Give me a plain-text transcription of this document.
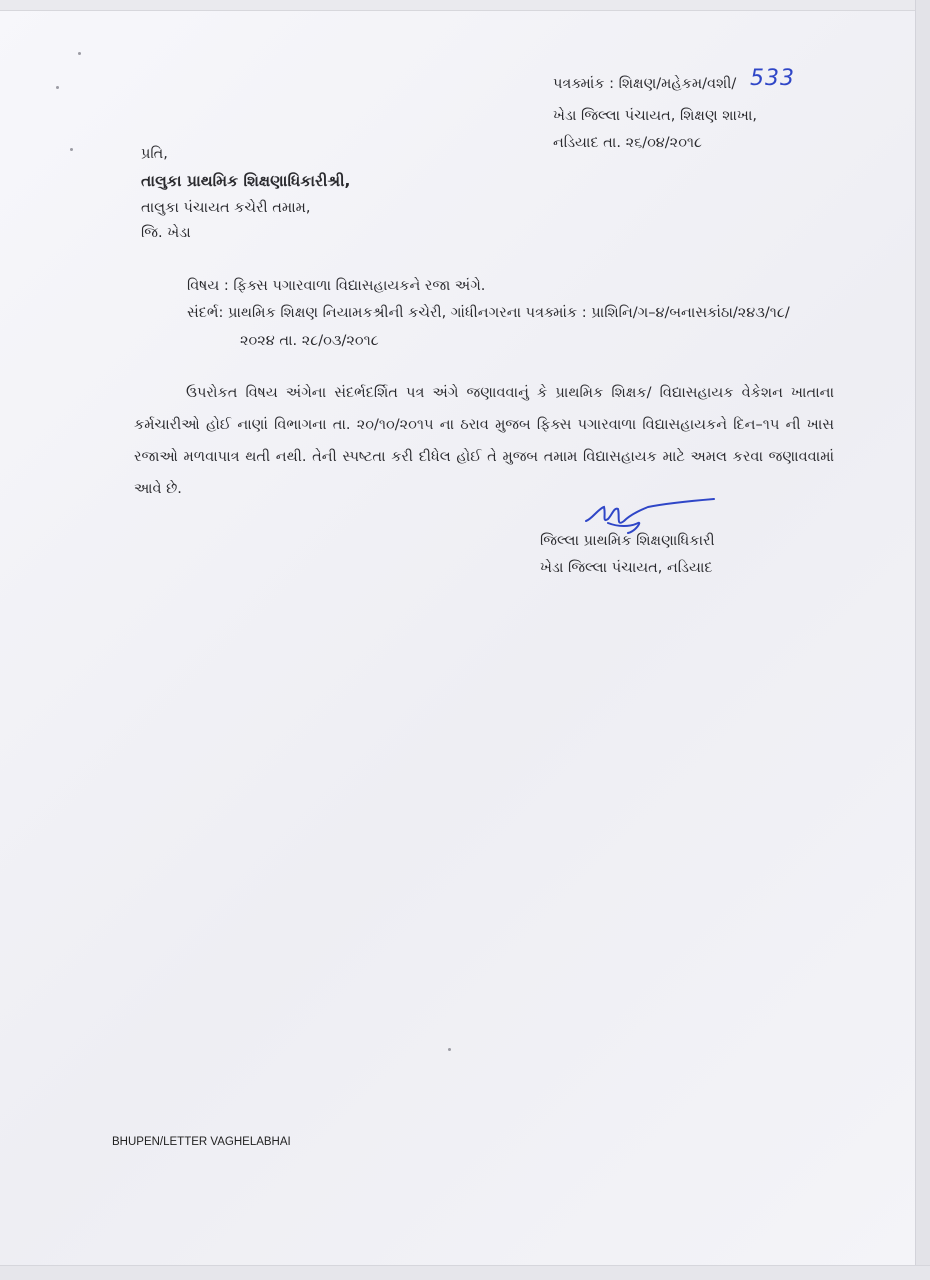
પત્રક્માંક : શિક્ષણ/મહેકમ/વશી/ 533
ખેડા જિલ્લા પંચાયત, શિક્ષણ શાખા,
નડિયાદ તા. ૨૬/૦૪/૨૦૧૮
પ્રતિ,
તાલુકા પ્રાથમિક શિક્ષણાધિકારીશ્રી,
તાલુકા પંચાયત કચેરી તમામ,
જિ. ખેડા
વિષય : ફિક્સ પગારવાળા વિદ્યાસહાયકને રજા અંગે.
સંદર્ભ: પ્રાથમિક શિક્ષણ નિયામકશ્રીની કચેરી, ગાંધીનગરના પત્રક્માંક : પ્રાશિનિ/ગ–૪/બનાસકાંઠા/૨૪૩/૧૮/
૨૦૨૪ તા. ૨૮/૦૩/૨૦૧૮
ઉપરોકત વિષય અંગેના સંદર્ભદર્શિત પત્ર અંગે જણાવવાનું કે પ્રાથમિક શિક્ષક/ વિદ્યાસહાયક વેકેશન ખાતાના કર્મચારીઓ હોઈ નાણાં વિભાગના તા. ૨૦/૧૦/૨૦૧૫ ના ઠરાવ મુજબ ફિક્સ પગારવાળા વિદ્યાસહાયકને દિન–૧૫ ની ખાસ રજાઓ મળવાપાત્ર થતી નથી. તેની સ્પષ્ટતા કરી દીધેલ હોઈ તે મુજબ તમામ વિદ્યાસહાયક માટે અમલ કરવા જણાવવામાં આવે છે.
જિલ્લા પ્રાથમિક શિક્ષણાધિકારી
ખેડા જિલ્લા પંચાયત, નડિયાદ
BHUPEN/LETTER VAGHELABHAI
